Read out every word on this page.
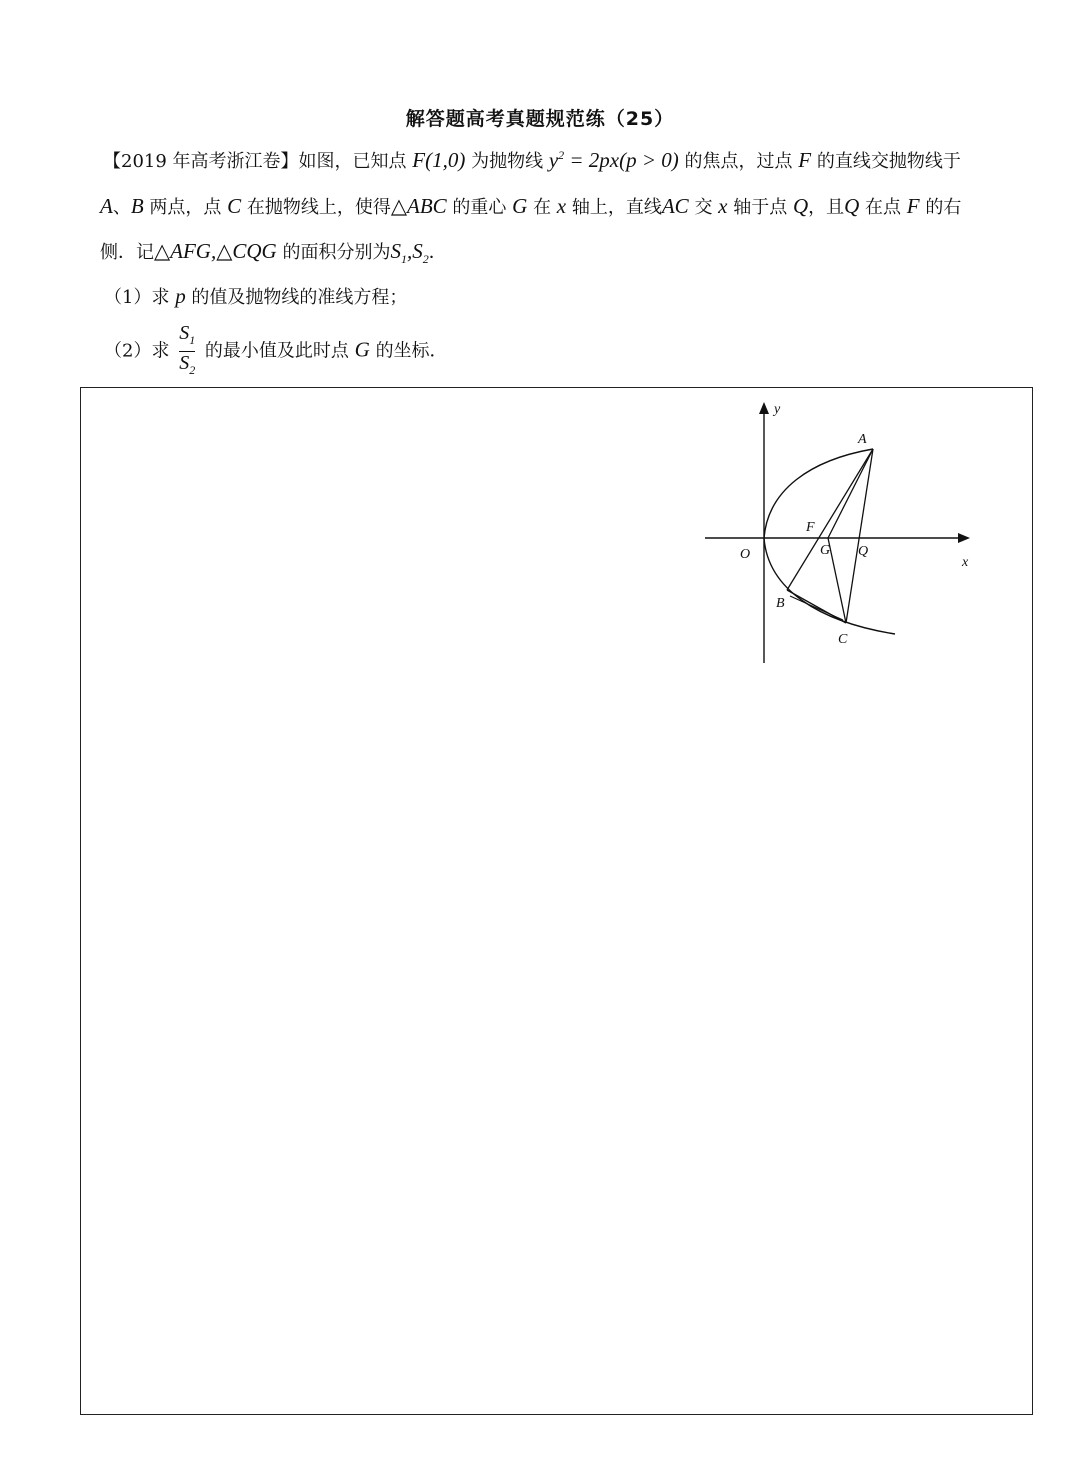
解答题高考真题规范练（25）
【2019 年高考浙江卷】如图，已知点 F(1,0) 为抛物线 $y^2 = 2px(p > 0)$ 的焦点，过点 F 的直线交抛物线于
A、B 两点，点 C 在抛物线上，使得△ABC 的重心 G 在 x 轴上，直线AC 交 x 轴于点 Q，且Q 在点 F 的右
侧．记△AFG,△CQG 的面积分别为$S_1,S_2$．
（1）求 p 的值及抛物线的准线方程；
（2）求 $\frac{S_1}{S_2}$ 的最小值及此时点 G 的坐标．
y
x
O
A
F
G Q
B
C
